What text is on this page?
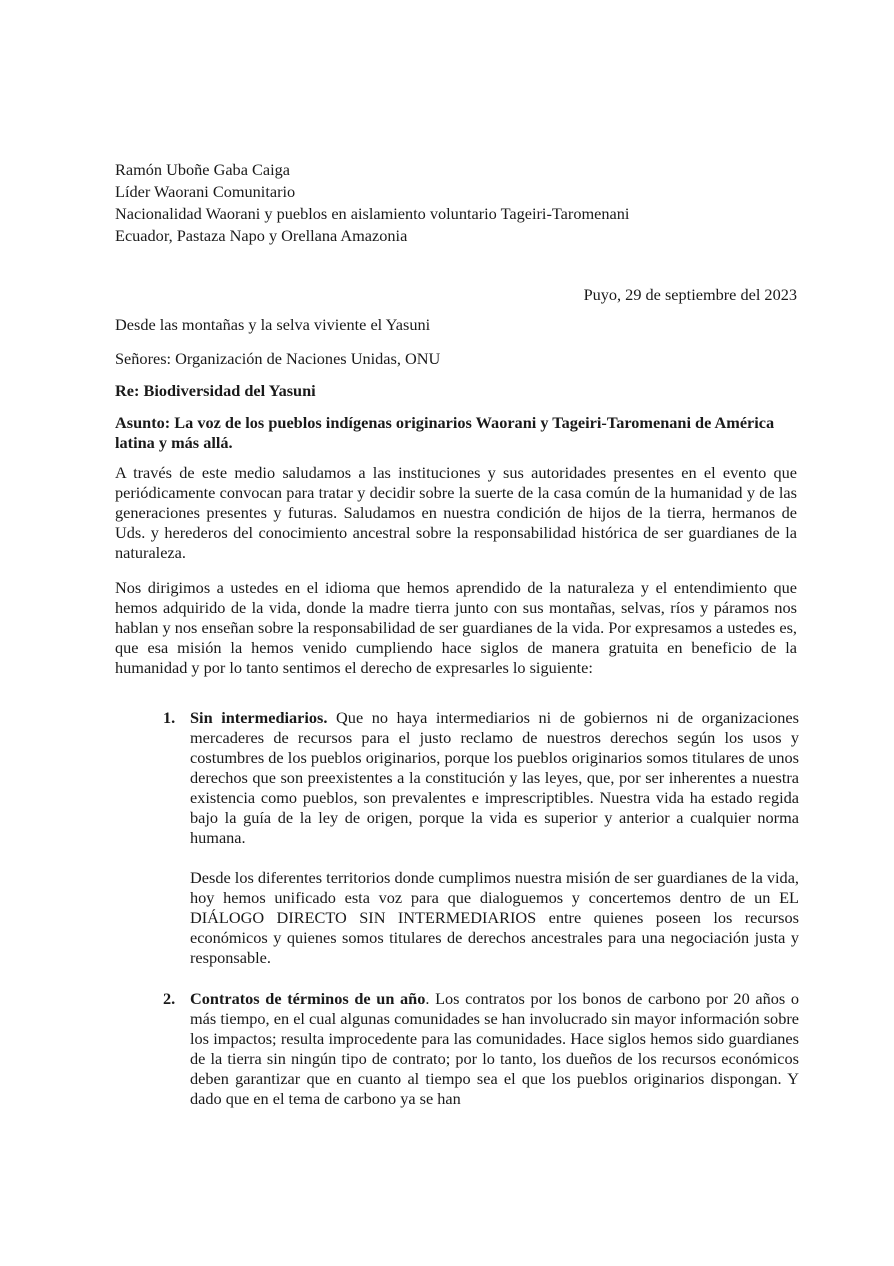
Ramón Uboñe Gaba Caiga
Líder Waorani Comunitario
Nacionalidad Waorani y pueblos en aislamiento voluntario Tageiri-Taromenani
Ecuador, Pastaza Napo y Orellana Amazonia
Puyo, 29 de septiembre del 2023
Desde las montañas y la selva viviente el Yasuni
Señores: Organización de Naciones Unidas, ONU
Re: Biodiversidad del Yasuni

Asunto: La voz de los pueblos indígenas originarios Waorani y Tageiri-Taromenani de América latina y más allá.

A través de este medio saludamos a las instituciones y sus autoridades presentes en el evento que periódicamente convocan para tratar y decidir sobre la suerte de la casa común de la humanidad y de las generaciones presentes y futuras. Saludamos en nuestra condición de hijos de la tierra, hermanos de Uds. y herederos del conocimiento ancestral sobre la responsabilidad histórica de ser guardianes de la naturaleza.

Nos dirigimos a ustedes en el idioma que hemos aprendido de la naturaleza y el entendimiento que hemos adquirido de la vida, donde la madre tierra junto con sus montañas, selvas, ríos y páramos nos hablan y nos enseñan sobre la responsabilidad de ser guardianes de la vida. Por expresamos a ustedes es, que esa misión la hemos venido cumpliendo hace siglos de manera gratuita en beneficio de la humanidad y por lo tanto sentimos el derecho de expresarles lo siguiente:

1. Sin intermediarios. Que no haya intermediarios ni de gobiernos ni de organizaciones mercaderes de recursos para el justo reclamo de nuestros derechos según los usos y costumbres de los pueblos originarios, porque los pueblos originarios somos titulares de unos derechos que son preexistentes a la constitución y las leyes, que, por ser inherentes a nuestra existencia como pueblos, son prevalentes e imprescriptibles. Nuestra vida ha estado regida bajo la guía de la ley de origen, porque la vida es superior y anterior a cualquier norma humana.

Desde los diferentes territorios donde cumplimos nuestra misión de ser guardianes de la vida, hoy hemos unificado esta voz para que dialoguemos y concertemos dentro de un EL DIÁLOGO DIRECTO SIN INTERMEDIARIOS entre quienes poseen los recursos económicos y quienes somos titulares de derechos ancestrales para una negociación justa y responsable.

2. Contratos de términos de un año. Los contratos por los bonos de carbono por 20 años o más tiempo, en el cual algunas comunidades se han involucrado sin mayor información sobre los impactos; resulta improcedente para las comunidades. Hace siglos hemos sido guardianes de la tierra sin ningún tipo de contrato; por lo tanto, los dueños de los recursos económicos deben garantizar que en cuanto al tiempo sea el que los pueblos originarios dispongan. Y dado que en el tema de carbono ya se han
